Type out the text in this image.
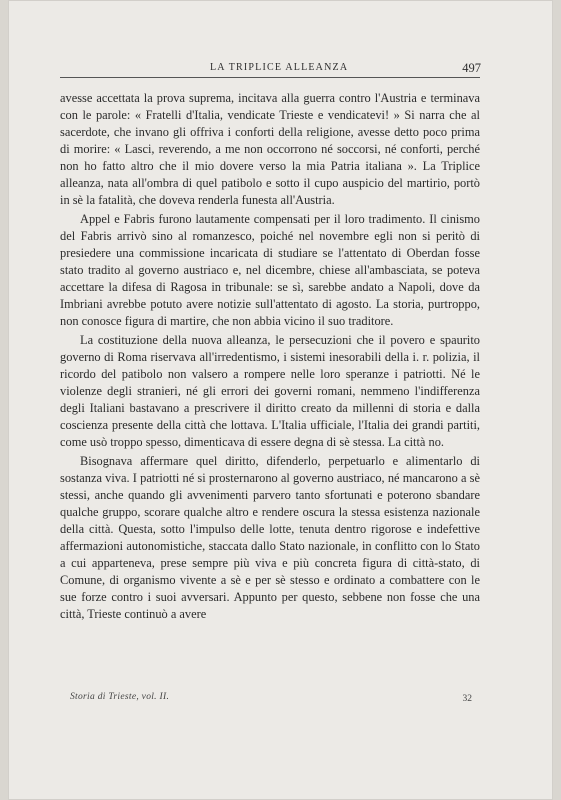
LA TRIPLICE ALLEANZA	497

avesse accettata la prova suprema, incitava alla guerra contro l'Austria e terminava con le parole: « Fratelli d'Italia, vendicate Trieste e vendicatevi! » Si narra che al sacerdote, che invano gli offriva i conforti della religione, avesse detto poco prima di morire: « Lasci, reverendo, a me non occorrono né soccorsi, né conforti, perché non ho fatto altro che il mio dovere verso la mia Patria italiana ». La Triplice alleanza, nata all'ombra di quel patibolo e sotto il cupo auspicio del martirio, portò in sè la fatalità, che doveva renderla funesta all'Austria.

Appel e Fabris furono lautamente compensati per il loro tradimento. Il cinismo del Fabris arrivò sino al romanzesco, poiché nel novembre egli non si peritò di presiedere una commissione incaricata di studiare se l'attentato di Oberdan fosse stato tradito al governo austriaco e, nel dicembre, chiese all'ambasciata, se poteva accettare la difesa di Ragosa in tribunale: se sì, sarebbe andato a Napoli, dove da Imbriani avrebbe potuto avere notizie sull'attentato di agosto. La storia, purtroppo, non conosce figura di martire, che non abbia vicino il suo traditore.

La costituzione della nuova alleanza, le persecuzioni che il povero e spaurito governo di Roma riservava all'irredentismo, i sistemi inesorabili della i. r. polizia, il ricordo del patibolo non valsero a rompere nelle loro speranze i patriotti. Né le violenze degli stranieri, né gli errori dei governi romani, nemmeno l'indifferenza degli Italiani bastavano a prescrivere il diritto creato da millenni di storia e dalla coscienza presente della città che lottava. L'Italia ufficiale, l'Italia dei grandi partiti, come usò troppo spesso, dimenticava di essere degna di sè stessa. La città no.

Bisognava affermare quel diritto, difenderlo, perpetuarlo e alimentarlo di sostanza viva. I patriotti né si prosternarono al governo austriaco, né mancarono a sè stessi, anche quando gli avvenimenti parvero tanto sfortunati e poterono sbandare qualche gruppo, scorare qualche altro e rendere oscura la stessa esistenza nazionale della città. Questa, sotto l'impulso delle lotte, tenuta dentro rigorose e indefettive affermazioni autonomistiche, staccata dallo Stato nazionale, in conflitto con lo Stato a cui apparteneva, prese sempre più viva e più concreta figura di città-stato, di Comune, di organismo vivente a sè e per sè stesso e ordinato a combattere con le sue forze contro i suoi avversari. Appunto per questo, sebbene non fosse che una città, Trieste continuò a avere

Storia di Trieste, vol. II.	32
